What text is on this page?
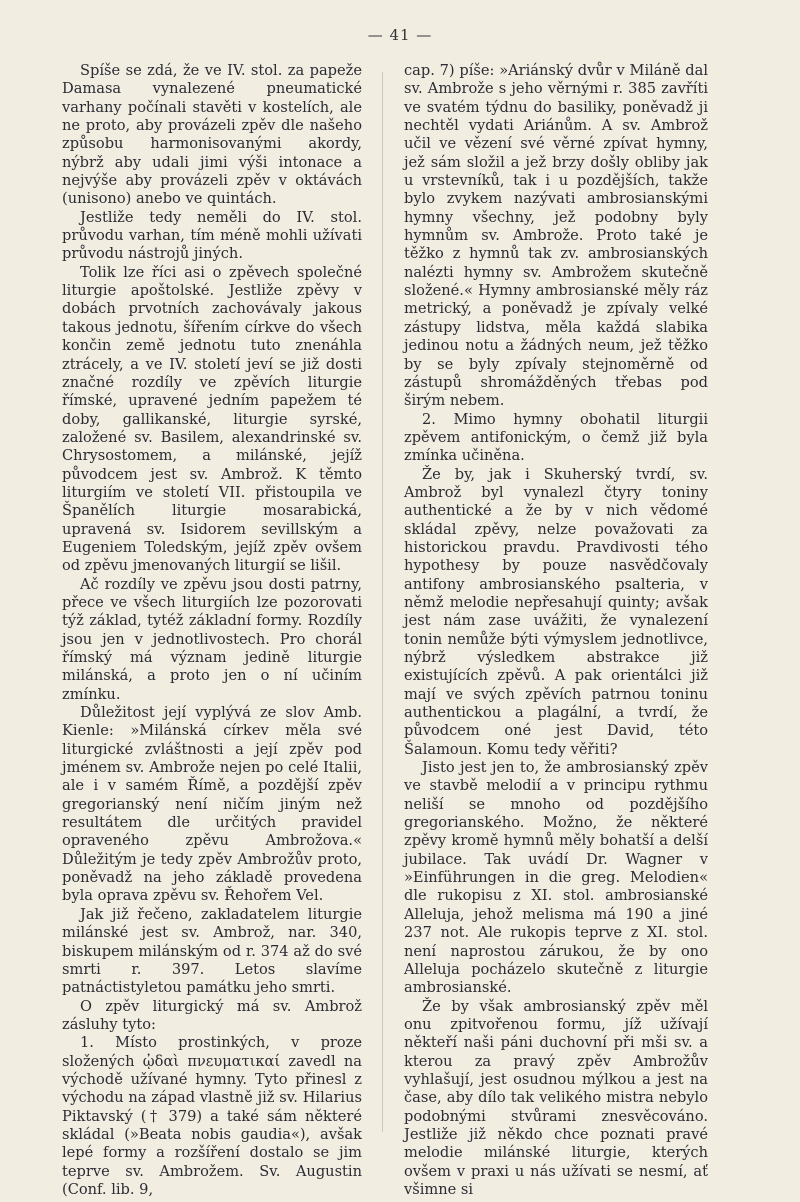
— 41 —

Spíše se zdá, že ve IV. stol. za papeže Damasa vynalezené pneumatické varhany počínali stavěti v kostelích, ale ne proto, aby provázeli zpěv dle našeho způsobu harmonisovanými akordy, nýbrž aby udali jimi výši intonace a nejvýše aby provázeli zpěv v oktávách (unisono) anebo ve quintách.

Jestliže tedy neměli do IV. stol. průvodu varhan, tím méně mohli užívati průvodu nástrojů jiných.

Tolik lze říci asi o zpěvech společné liturgie apoštolské. Jestliže zpěvy v dobách prvotních zachovávaly jakous takous jednotu, šířením církve do všech končin země jednotu tuto znenáhla ztrácely, a ve IV. století jeví se již dosti značné rozdíly ve zpěvích liturgie římské, upravené jedním papežem té doby, gallikanské, liturgie syrské, založené sv. Basilem, alexandrinské sv. Chrysostomem, a milánské, jejíž původcem jest sv. Ambrož. K těmto liturgiím ve století VII. přistoupila ve Španělích liturgie mosarabická, upravená sv. Isidorem sevillským a Eugeniem Toledským, jejíž zpěv ovšem od zpěvu jmenovaných liturgií se lišil.

Ač rozdíly ve zpěvu jsou dosti patrny, přece ve všech liturgiích lze pozorovati týž základ, tytéž základní formy. Rozdíly jsou jen v jednotlivostech. Pro chorál římský má význam jedině liturgie milánská, a proto jen o ní učiním zmínku.

Důležitost její vyplývá ze slov Amb. Kienle: »Milánská církev měla své liturgické zvláštnosti a její zpěv pod jménem sv. Ambrože nejen po celé Italii, ale i v samém Římě, a pozdější zpěv gregorianský není ničím jiným než resultátem dle určitých pravidel opraveného zpěvu Ambrožova.« Důležitým je tedy zpěv Ambrožův proto, poněvadž na jeho základě provedena byla oprava zpěvu sv. Řehořem Vel.

Jak již řečeno, zakladatelem liturgie milánské jest sv. Ambrož, nar. 340, biskupem milánským od r. 374 až do své smrti r. 397. Letos slavíme patnáctistyletou památku jeho smrti.

O zpěv liturgický má sv. Ambrož zásluhy tyto:

1. Místo prostinkých, v proze složených ᾠδαὶ πνευματικαί zavedl na východě užívané hymny. Tyto přinesl z východu na západ vlastně již sv. Hilarius Piktavský († 379) a také sám některé skládal (»Beata nobis gaudia«), avšak lepé formy a rozšíření dostalo se jim teprve sv. Ambrožem. Sv. Augustin (Conf. lib. 9,

cap. 7) píše: »Ariánský dvůr v Miláně dal sv. Ambrože s jeho věrnými r. 385 zavříti ve svatém týdnu do basiliky, poněvadž ji nechtěl vydati Ariánům. A sv. Ambrož učil ve vězení své věrné zpívat hymny, jež sám složil a jež brzy došly obliby jak u vrstevníků, tak i u pozdějších, takže bylo zvykem nazývati ambrosianskými hymny všechny, jež podobny byly hymnům sv. Ambrože. Proto také je těžko z hymnů tak zv. ambrosianských nalézti hymny sv. Ambrožem skutečně složené.« Hymny ambrosianské měly ráz metrický, a poněvadž je zpívaly velké zástupy lidstva, měla každá slabika jedinou notu a žádných neum, jež těžko by se byly zpívaly stejnoměrně od zástupů shromážděných třebas pod širým nebem.

2. Mimo hymny obohatil liturgii zpěvem antifonickým, o čemž již byla zmínka učiněna.

Že by, jak i Skuherský tvrdí, sv. Ambrož byl vynalezl čtyry toniny authentické a že by v nich vědomé skládal zpěvy, nelze považovati za historickou pravdu. Pravdivosti tého hypothesy by pouze nasvědčovaly antifony ambrosianského psalteria, v němž melodie nepřesahují quinty; avšak jest nám zase uvážiti, že vynalezení tonin nemůže býti výmyslem jednotlivce, nýbrž výsledkem abstrakce již existujících zpěvů. A pak orientálci již mají ve svých zpěvích patrnou toninu authentickou a plagální, a tvrdí, že původcem oné jest David, této Šalamoun. Komu tedy věřiti?

Jisto jest jen to, že ambrosianský zpěv ve stavbě melodií a v principu rythmu neliší se mnoho od pozdějšího gregorianského. Možno, že některé zpěvy kromě hymnů měly bohatší a delší jubilace. Tak uvádí Dr. Wagner v »Einführungen in die greg. Melodien« dle rukopisu z XI. stol. ambrosianské Alleluja, jehož melisma má 190 a jiné 237 not. Ale rukopis teprve z XI. stol. není naprostou zárukou, že by ono Alleluja pocházelo skutečně z liturgie ambrosianské.

Že by však ambrosianský zpěv měl onu zpitvořenou formu, jíž užívají někteří naši páni duchovní při mši sv. a kterou za pravý zpěv Ambrožův vyhlašují, jest osudnou mýlkou a jest na čase, aby dílo tak velikého mistra nebylo podobnými stvůrami znesvěcováno. Jestliže již někdo chce poznati pravé melodie milánské liturgie, kterých ovšem v praxi u nás užívati se nesmí, ať všimne si
